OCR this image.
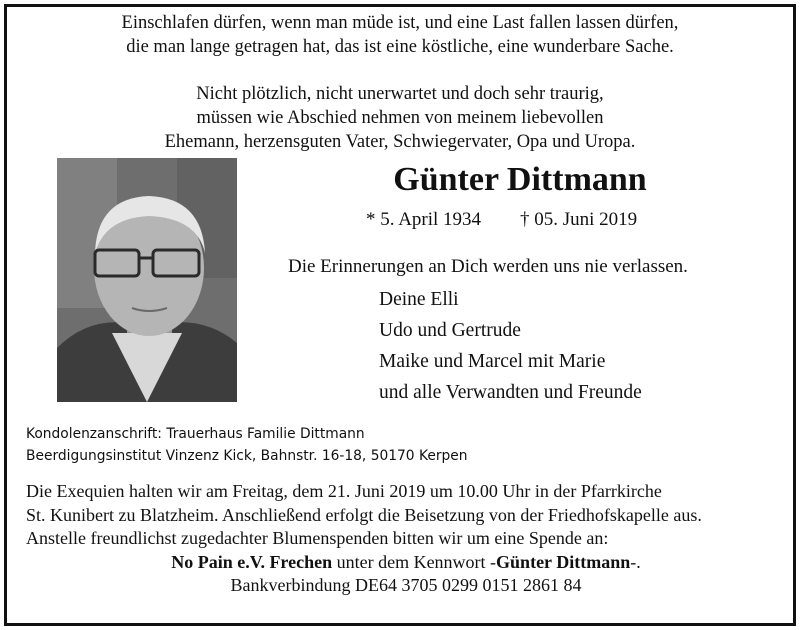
Einschlafen dürfen, wenn man müde ist, und eine Last fallen lassen dürfen,
die man lange getragen hat, das ist eine köstliche, eine wunderbare Sache.
Nicht plötzlich, nicht unerwartet und doch sehr traurig,
müssen wie Abschied nehmen von meinem liebevollen
Ehemann, herzensguten Vater, Schwiegervater, Opa und Uropa.
Günter Dittmann
* 5. April 1934 † 05. Juni 2019
Die Erinnerungen an Dich werden uns nie verlassen.
Deine Elli
Udo und Gertrude
Maike und Marcel mit Marie
und alle Verwandten und Freunde
Kondolenzanschrift: Trauerhaus Familie Dittmann
Beerdigungsinstitut Vinzenz Kick, Bahnstr. 16-18, 50170 Kerpen
Die Exequien halten wir am Freitag, dem 21. Juni 2019 um 10.00 Uhr in der Pfarrkirche
St. Kunibert zu Blatzheim. Anschließend erfolgt die Beisetzung von der Friedhofskapelle aus.
Anstelle freundlichst zugedachter Blumenspenden bitten wir um eine Spende an:
No Pain e.V. Frechen unter dem Kennwort -Günter Dittmann-.
Bankverbindung DE64 3705 0299 0151 2861 84
